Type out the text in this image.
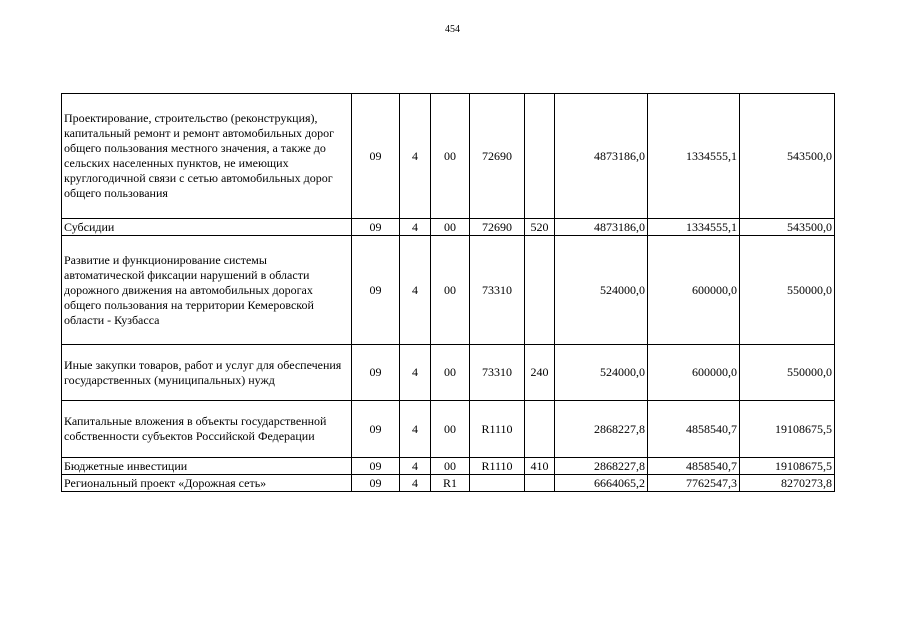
454
Проектирование, строительство (реконструкция), капитальный ремонт и ремонт автомобильных дорог общего пользования местного значения, а также до сельских населенных пунктов, не имеющих круглогодичной связи с сетью автомобильных дорог общего пользования	09	4	00	72690		4873186,0	1334555,1	543500,0
Субсидии	09	4	00	72690	520	4873186,0	1334555,1	543500,0
Развитие и функционирование системы автоматической фиксации нарушений в области дорожного движения на автомобильных дорогах общего пользования на территории Кемеровской области - Кузбасса	09	4	00	73310		524000,0	600000,0	550000,0
Иные закупки товаров, работ и услуг для обеспечения государственных (муниципальных) нужд	09	4	00	73310	240	524000,0	600000,0	550000,0
Капитальные вложения в объекты государственной собственности субъектов Российской Федерации	09	4	00	R1110		2868227,8	4858540,7	19108675,5
Бюджетные инвестиции	09	4	00	R1110	410	2868227,8	4858540,7	19108675,5
Региональный проект «Дорожная сеть»	09	4	R1			6664065,2	7762547,3	8270273,8
